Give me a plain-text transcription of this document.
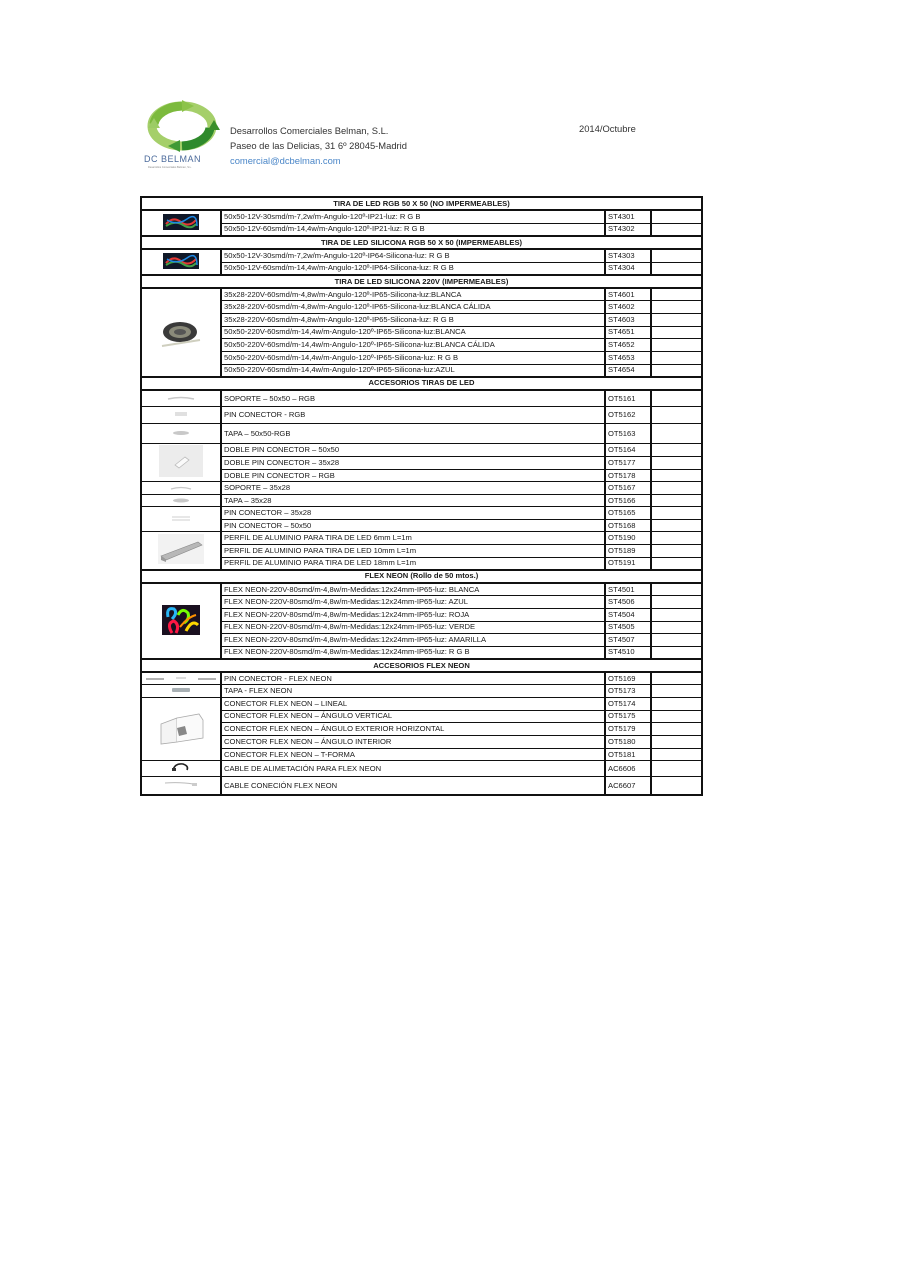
DC BELMAN
Desarrollos Comerciales Belman, S.L.
Desarrollos Comerciales Belman, S.L.
Paseo de las Delicias, 31 6º 28045-Madrid
comercial@dcbelman.com
2014/Octubre
TIRA DE LED RGB 50 X 50 (NO IMPERMEABLES)			
	50x50-12V-30smd/m-7,2w/m-Angulo-120º-IP21-luz: R G B	ST4301	
	50x50-12V-60smd/m-14,4w/m-Angulo-120º-IP21-luz: R G B	ST4302	
TIRA DE LED SILICONA RGB 50 X 50 (IMPERMEABLES)			
	50x50-12V-30smd/m-7,2w/m-Angulo-120º-IP64-Silicona-luz: R G B	ST4303	
	50x50-12V-60smd/m-14,4w/m-Angulo-120º-IP64-Silicona-luz: R G B	ST4304	
TIRA DE LED SILICONA 220V (IMPERMEABLES)			
	35x28-220V-60smd/m-4,8w/m-Angulo-120º-IP65-Silicona-luz:BLANCA	ST4601	
	35x28-220V-60smd/m-4,8w/m-Angulo-120º-IP65-Silicona-luz:BLANCA CÁLIDA	ST4602	
	35x28-220V-60smd/m-4,8w/m-Angulo-120º-IP65-Silicona-luz: R G B	ST4603	
	50x50-220V-60smd/m-14,4w/m-Angulo-120º-IP65-Silicona-luz:BLANCA	ST4651	
	50x50-220V-60smd/m-14,4w/m-Angulo-120º-IP65-Silicona-luz:BLANCA CÁLIDA	ST4652	
	50x50-220V-60smd/m-14,4w/m-Angulo-120º-IP65-Silicona-luz: R G B	ST4653	
	50x50-220V-60smd/m-14,4w/m-Angulo-120º-IP65-Silicona-luz:AZUL	ST4654	
ACCESORIOS TIRAS DE LED			
	SOPORTE – 50x50 – RGB	OT5161	
	PIN CONECTOR - RGB	OT5162	
	TAPA – 50x50-RGB	OT5163	
	DOBLE PIN CONECTOR – 50x50	OT5164	
	DOBLE PIN CONECTOR – 35x28	OT5177	
	DOBLE PIN CONECTOR – RGB	OT5178	
	SOPORTE – 35x28	OT5167	
	TAPA – 35x28	OT5166	
	PIN CONECTOR – 35x28	OT5165	
	PIN CONECTOR – 50x50	OT5168	
	PERFIL DE ALUMINIO PARA TIRA DE LED 6mm L=1m	OT5190	
	PERFIL DE ALUMINIO PARA TIRA DE LED 10mm L=1m	OT5189	
	PERFIL DE ALUMINIO PARA TIRA DE LED 18mm L=1m	OT5191	
FLEX NEON (Rollo de 50 mtos.)			
	FLEX NEON-220V-80smd/m-4,8w/m-Medidas:12x24mm-IP65-luz: BLANCA	ST4501	
	FLEX NEON-220V-80smd/m-4,8w/m-Medidas:12x24mm-IP65-luz: AZUL	ST4506	
	FLEX NEON-220V-80smd/m-4,8w/m-Medidas:12x24mm-IP65-luz: ROJA	ST4504	
	FLEX NEON-220V-80smd/m-4,8w/m-Medidas:12x24mm-IP65-luz: VERDE	ST4505	
	FLEX NEON-220V-80smd/m-4,8w/m-Medidas:12x24mm-IP65-luz: AMARILLA	ST4507	
	FLEX NEON-220V-80smd/m-4,8w/m-Medidas:12x24mm-IP65-luz: R G B	ST4510	
ACCESORIOS FLEX NEON			
	PIN CONECTOR - FLEX NEON	OT5169	
	TAPA - FLEX NEON	OT5173	
	CONECTOR FLEX NEON – LINEAL	OT5174	
	CONECTOR FLEX NEON – ÁNGULO VERTICAL	OT5175	
	CONECTOR FLEX NEON – ÁNGULO EXTERIOR HORIZONTAL	OT5179	
	CONECTOR FLEX NEON – ÁNGULO INTERIOR	OT5180	
	CONECTOR FLEX NEON – T-FORMA	OT5181	
	CABLE DE ALIMETACIÓN PARA FLEX NEON	AC6606	
	CABLE CONECIÓN FLEX NEON	AC6607	
